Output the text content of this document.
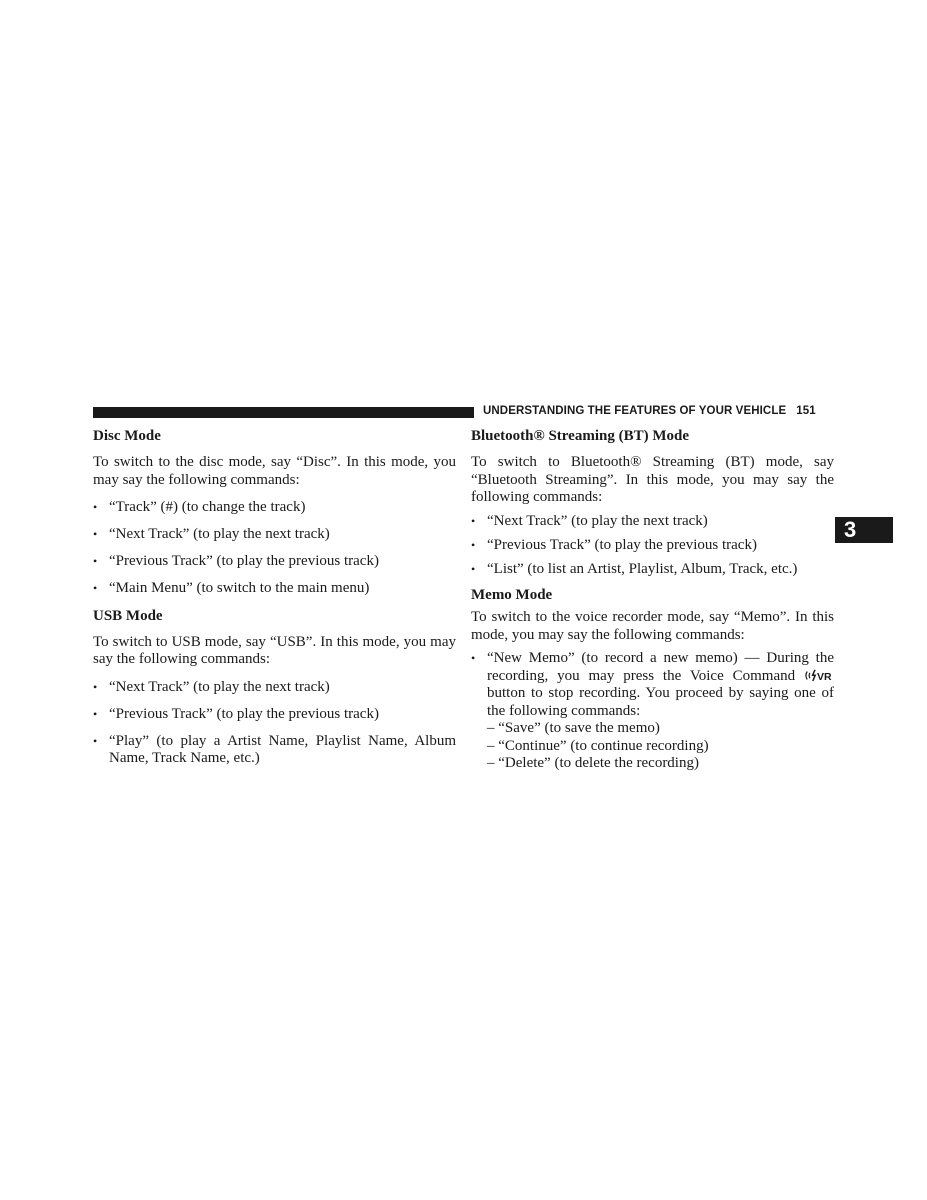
UNDERSTANDING THE FEATURES OF YOUR VEHICLE 151
3
Disc Mode

To switch to the disc mode, say “Disc”. In this mode, you may say the following commands:

• “Track” (#) (to change the track)
• “Next Track” (to play the next track)
• “Previous Track” (to play the previous track)
• “Main Menu” (to switch to the main menu)
USB Mode

To switch to USB mode, say “USB”. In this mode, you may say the following commands:

• “Next Track” (to play the next track)
• “Previous Track” (to play the previous track)
• “Play” (to play a Artist Name, Playlist Name, Album Name, Track Name, etc.)
Bluetooth® Streaming (BT) Mode

To switch to Bluetooth® Streaming (BT) mode, say “Bluetooth Streaming”. In this mode, you may say the following commands:

• “Next Track” (to play the next track)
• “Previous Track” (to play the previous track)
• “List” (to list an Artist, Playlist, Album, Track, etc.)
Memo Mode

To switch to the voice recorder mode, say “Memo”. In this mode, you may say the following commands:

• “New Memo” (to record a new memo) — During the recording, you may press the Voice Command VR
button to stop recording. You proceed by saying one of the following commands:
– “Save” (to save the memo)
– “Continue” (to continue recording)
– “Delete” (to delete the recording)
